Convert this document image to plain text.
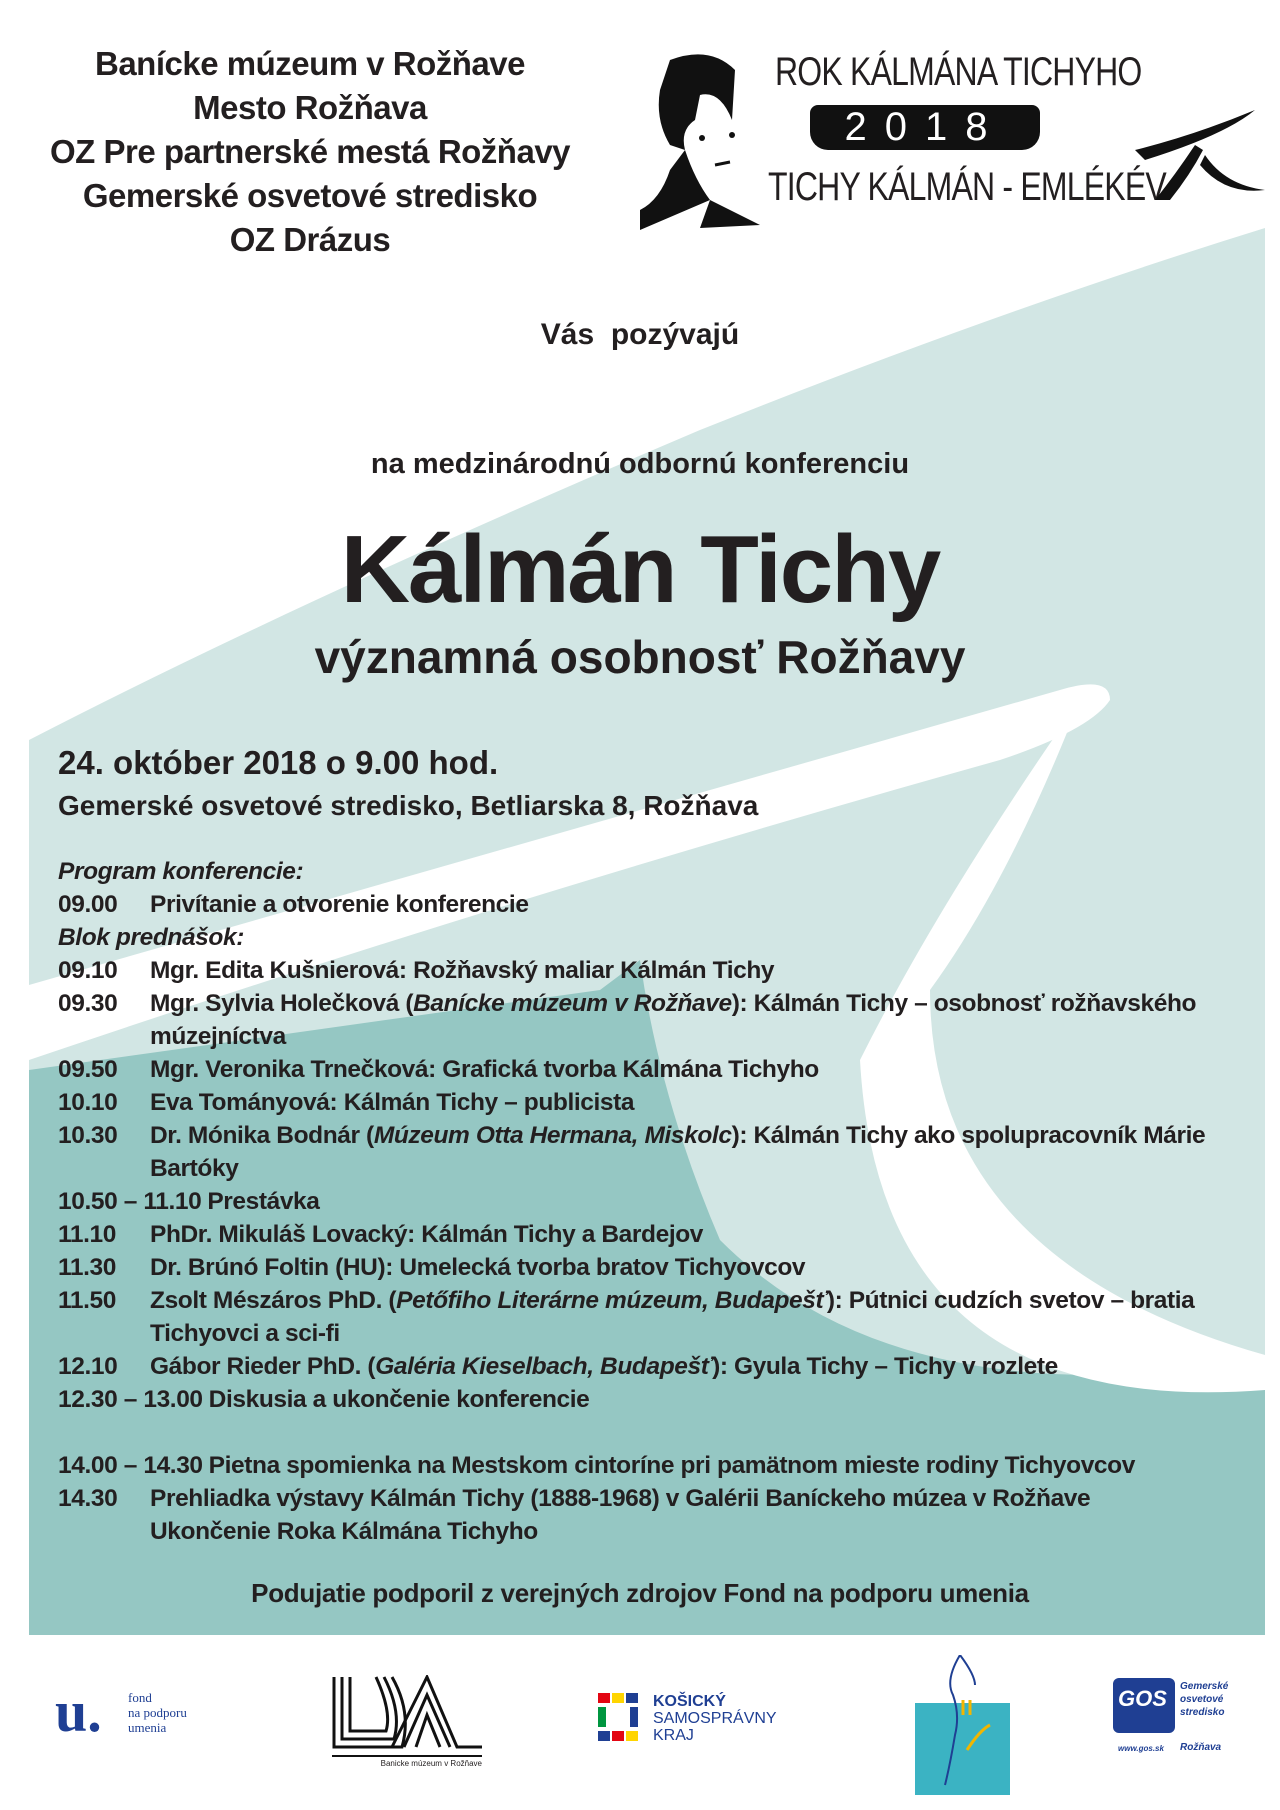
Banícke múzeum v Rožňave
Mesto Rožňava
OZ Pre partnerské mestá Rožňavy
Gemerské osvetové stredisko
OZ Drázus
ROK KÁLMÁNA TICHYHO
2018
TICHY KÁLMÁN - EMLÉKÉV
Vás  pozývajú
na medzinárodnú odbornú konferenciu
Kálmán Tichy
významná osobnosť Rožňavy
24. október 2018 o 9.00 hod.
Gemerské osvetové stredisko, Betliarska 8, Rožňava
Program konferencie:
09.00	Privítanie a otvorenie konferencie
Blok prednášok:
09.10	Mgr. Edita Kušnierová: Rožňavský maliar Kálmán Tichy
09.30	Mgr. Sylvia Holečková (Banícke múzeum v Rožňave): Kálmán Tichy – osobnosť rožňavského múzejníctva
09.50	Mgr. Veronika Trnečková: Grafická tvorba Kálmána Tichyho
10.10	Eva Tományová: Kálmán Tichy – publicista
10.30	Dr. Mónika Bodnár (Múzeum Otta Hermana, Miskolc): Kálmán Tichy ako spolupracovník Márie Bartóky
10.50 – 11.10 Prestávka
11.10	PhDr. Mikuláš Lovacký: Kálmán Tichy a Bardejov
11.30	Dr. Brúnó Foltin (HU): Umelecká tvorba bratov Tichyovcov
11.50	Zsolt Mészáros PhD. (Petőfiho Literárne múzeum, Budapešť): Pútnici cudzích svetov – bratia Tichyovci a sci-fi
12.10	Gábor Rieder PhD. (Galéria Kieselbach, Budapešť): Gyula Tichy – Tichy v rozlete
12.30 – 13.00 Diskusia a ukončenie konferencie
14.00 – 14.30 Pietna spomienka na Mestskom cintoríne pri pamätnom mieste rodiny Tichyovcov
14.30	Prehliadka výstavy Kálmán Tichy (1888-1968) v Galérii Baníckeho múzea v Rožňave
Ukončenie Roka Kálmána Tichyho
Podujatie podporil z verejných zdrojov Fond na podporu umenia
u. fond
na podporu
umenia
Banicke múzeum v Rožňave
KOŠICKÝ
SAMOSPRÁVNY
KRAJ
GOS Gemerské
osvetové
stredisko
www.gos.sk Rožňava
